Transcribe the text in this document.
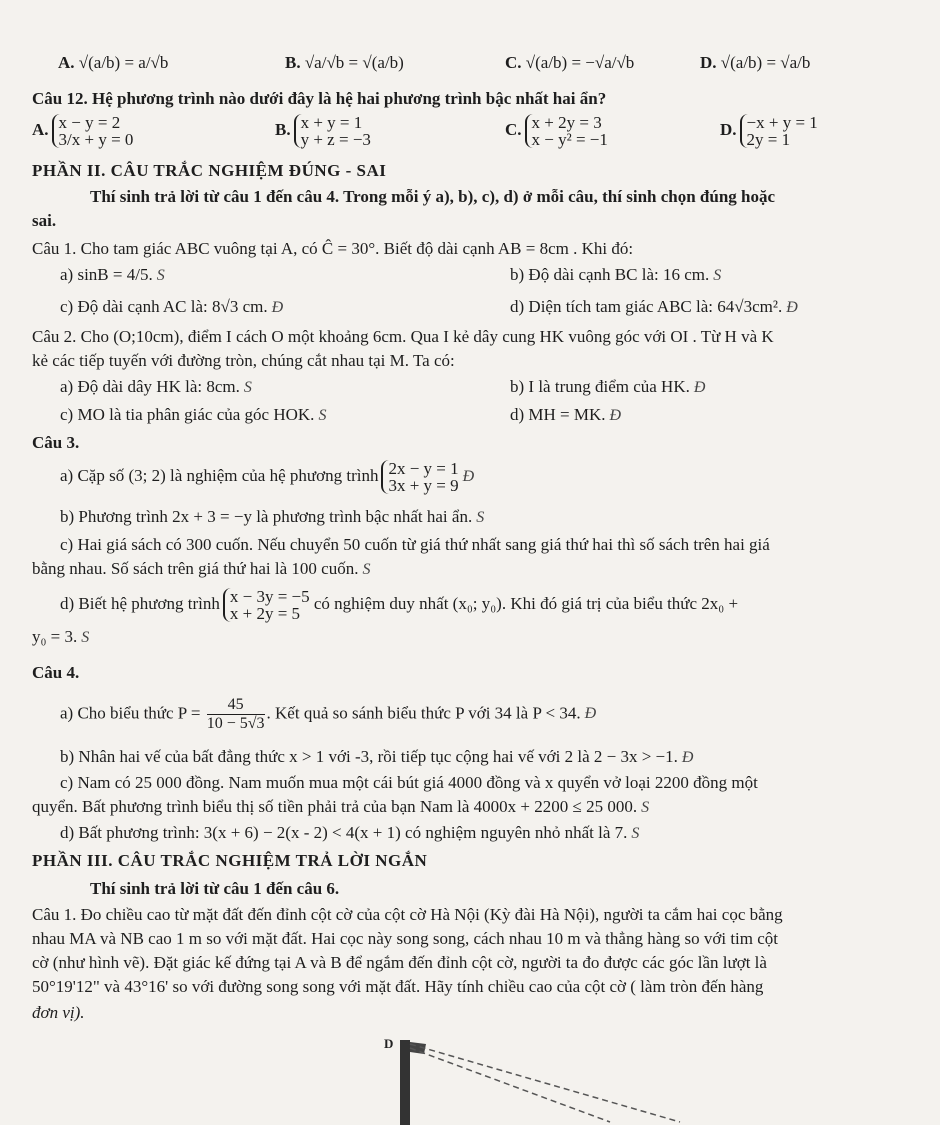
A. √(a/b) = a/√b	B. √a/√b = √(a/b)	C. √(a/b) = −√a/√b	D. √(a/b) = √a/b
Câu 12. Hệ phương trình nào dưới đây là hệ hai phương trình bậc nhất hai ẩn?
A. x − y = 2
3/x + y = 0
B. x + y = 1
y + z = −3
C. x + 2y = 3
x − y² = −1
D. −x + y = 1
2y = 1
PHẦN II. CÂU TRẮC NGHIỆM ĐÚNG - SAI
Thí sinh trả lời từ câu 1 đến câu 4. Trong mỗi ý a), b), c), d) ở mỗi câu, thí sinh chọn đúng hoặc
sai.
Câu 1. Cho tam giác ABC vuông tại A, có Ĉ = 30°. Biết độ dài cạnh AB = 8cm . Khi đó:
a) sinB = 4/5. S	b) Độ dài cạnh BC là: 16 cm. S
c) Độ dài cạnh AC là: 8√3 cm. Đ	d) Diện tích tam giác ABC là: 64√3cm². Đ
Câu 2. Cho (O;10cm), điểm I cách O một khoảng 6cm. Qua I kẻ dây cung HK vuông góc với OI . Từ H và K
kẻ các tiếp tuyến với đường tròn, chúng cắt nhau tại M. Ta có:
a) Độ dài dây HK là: 8cm. S	b) I là trung điểm của HK. Đ
c) MO là tia phân giác của góc HOK. S	d) MH = MK. Đ
Câu 3.
a) Cặp số (3; 2) là nghiệm của hệ phương trình 2x − y = 1
3x + y = 9 Đ
b) Phương trình 2x + 3 = −y là phương trình bậc nhất hai ẩn. S
c) Hai giá sách có 300 cuốn. Nếu chuyển 50 cuốn từ giá thứ nhất sang giá thứ hai thì số sách trên hai giá
bằng nhau. Số sách trên giá thứ hai là 100 cuốn. S
d) Biết hệ phương trình x − 3y = −5
x + 2y = 5 có nghiệm duy nhất (x₀; y₀). Khi đó giá trị của biểu thức 2x₀ +
y₀ = 3. S
Câu 4.
a) Cho biểu thức $P = \frac{45}{10 - 5√3}$ . Kết quả so sánh biểu thức P với 34 là P < 34. Đ
b) Nhân hai vế của bất đẳng thức x > 1 với -3, rồi tiếp tục cộng hai vế với 2 là 2 − 3x > −1. Đ
c) Nam có 25 000 đồng. Nam muốn mua một cái bút giá 4000 đồng và x quyển vở loại 2200 đồng một
quyển. Bất phương trình biểu thị số tiền phải trả của bạn Nam là 4000x + 2200 ≤ 25 000. S
d) Bất phương trình: 3(x + 6) − 2(x - 2) < 4(x + 1) có nghiệm nguyên nhỏ nhất là 7. S
PHẦN III. CÂU TRẮC NGHIỆM TRẢ LỜI NGẮN
Thí sinh trả lời từ câu 1 đến câu 6.
Câu 1. Đo chiều cao từ mặt đất đến đỉnh cột cờ của cột cờ Hà Nội (Kỳ đài Hà Nội), người ta cắm hai cọc bằng
nhau MA và NB cao 1 m so với mặt đất. Hai cọc này song song, cách nhau 10 m và thẳng hàng so với tim cột
cờ (như hình vẽ). Đặt giác kế đứng tại A và B để ngắm đến đỉnh cột cờ, người ta đo được các góc lần lượt là
50°19'12" và 43°16' so với đường song song với mặt đất. Hãy tính chiều cao của cột cờ ( làm tròn đến hàng
đơn vị).
D
